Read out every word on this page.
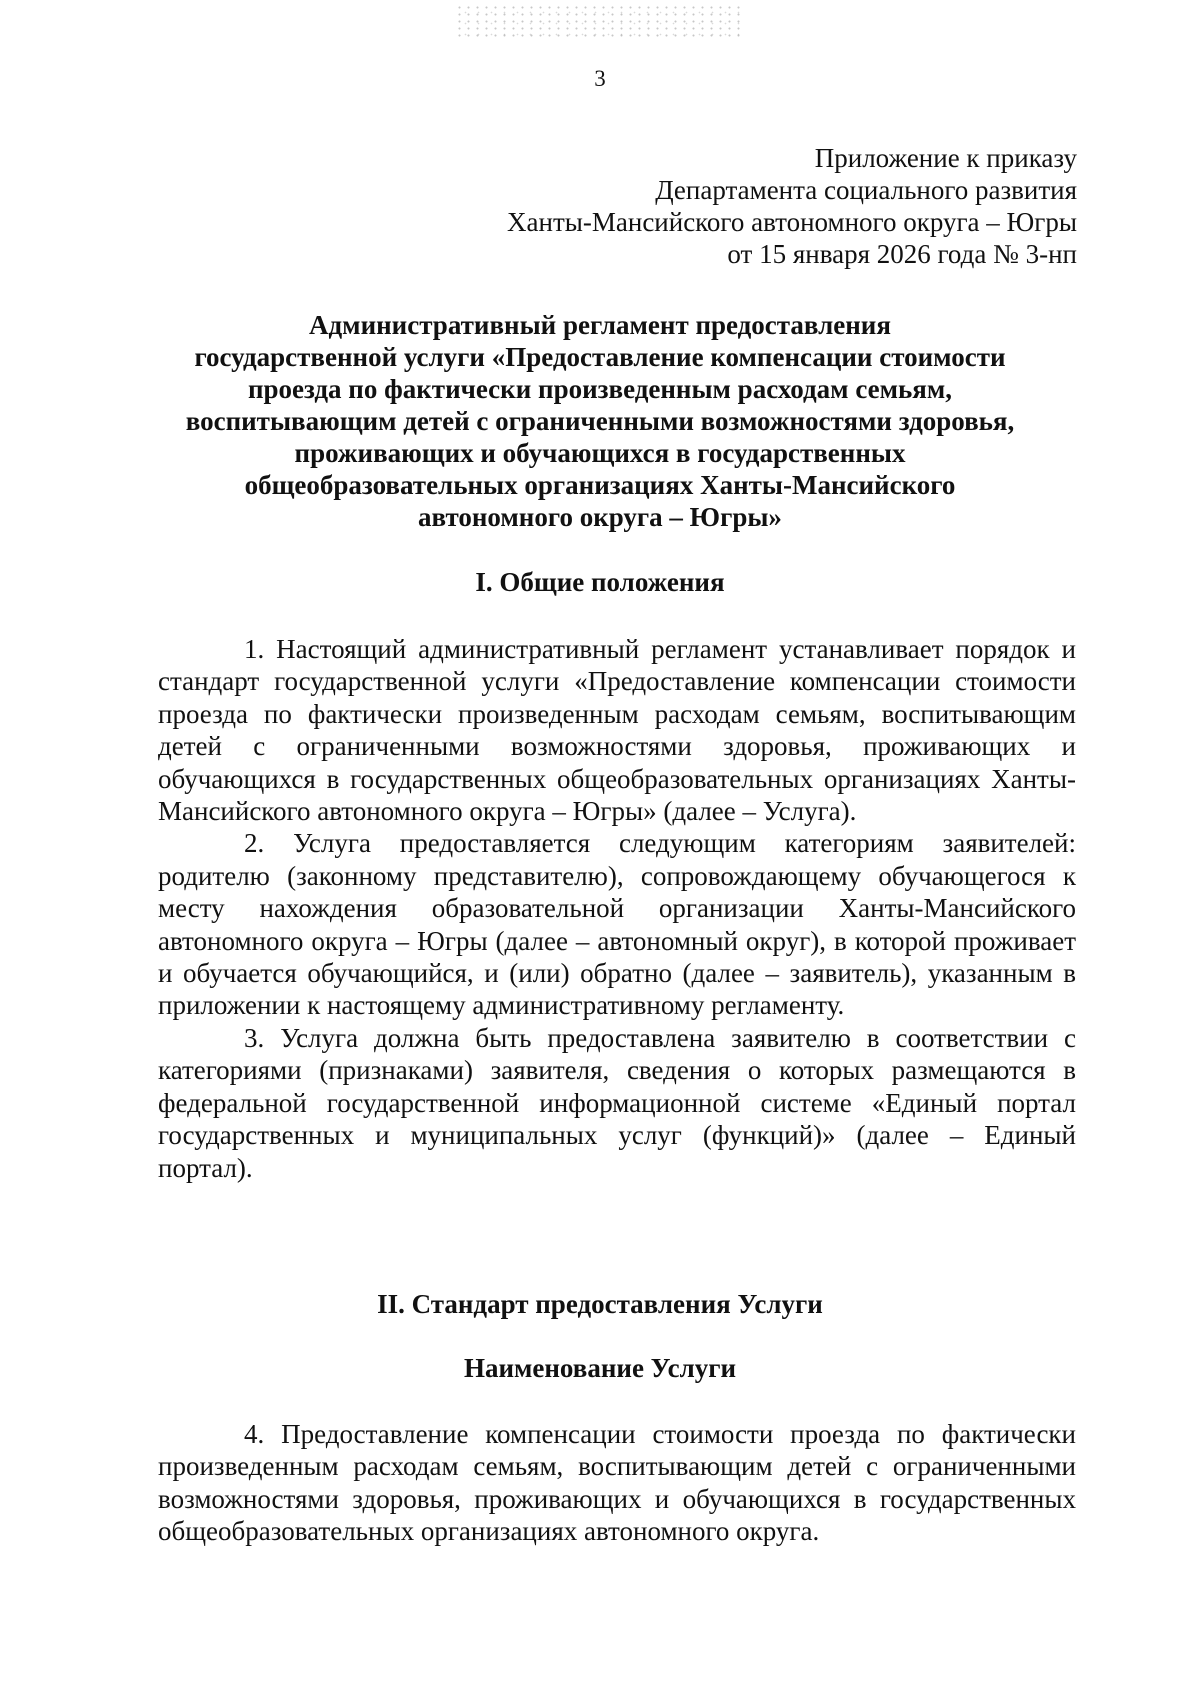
3
Приложение к приказу
Департамента социального развития
Ханты-Мансийского автономного округа – Югры
от 15 января 2026 года № 3-нп
Административный регламент предоставления
государственной услуги «Предоставление компенсации стоимости
проезда по фактически произведенным расходам семьям,
воспитывающим детей с ограниченными возможностями здоровья,
проживающих и обучающихся в государственных
общеобразовательных организациях Ханты-Мансийского
автономного округа – Югры»
I. Общие положения

1. Настоящий административный регламент устанавливает порядок и стандарт государственной услуги «Предоставление компенсации стоимости проезда по фактически произведенным расходам семьям, воспитывающим детей с ограниченными возможностями здоровья, проживающих и обучающихся в государственных общеобразовательных организациях Ханты-Мансийского автономного округа – Югры» (далее – Услуга).

2. Услуга предоставляется следующим категориям заявителей: родителю (законному представителю), сопровождающему обучающегося к месту нахождения образовательной организации Ханты-Мансийского автономного округа – Югры (далее – автономный округ), в которой проживает и обучается обучающийся, и (или) обратно (далее – заявитель), указанным в приложении к настоящему административному регламенту.

3. Услуга должна быть предоставлена заявителю в соответствии с категориями (признаками) заявителя, сведения о которых размещаются в федеральной государственной информационной системе «Единый портал государственных и муниципальных услуг (функций)» (далее – Единый портал).

II. Стандарт предоставления Услуги
Наименование Услуги

4. Предоставление компенсации стоимости проезда по фактически произведенным расходам семьям, воспитывающим детей с ограниченными возможностями здоровья, проживающих и обучающихся в государственных общеобразовательных организациях автономного округа.
